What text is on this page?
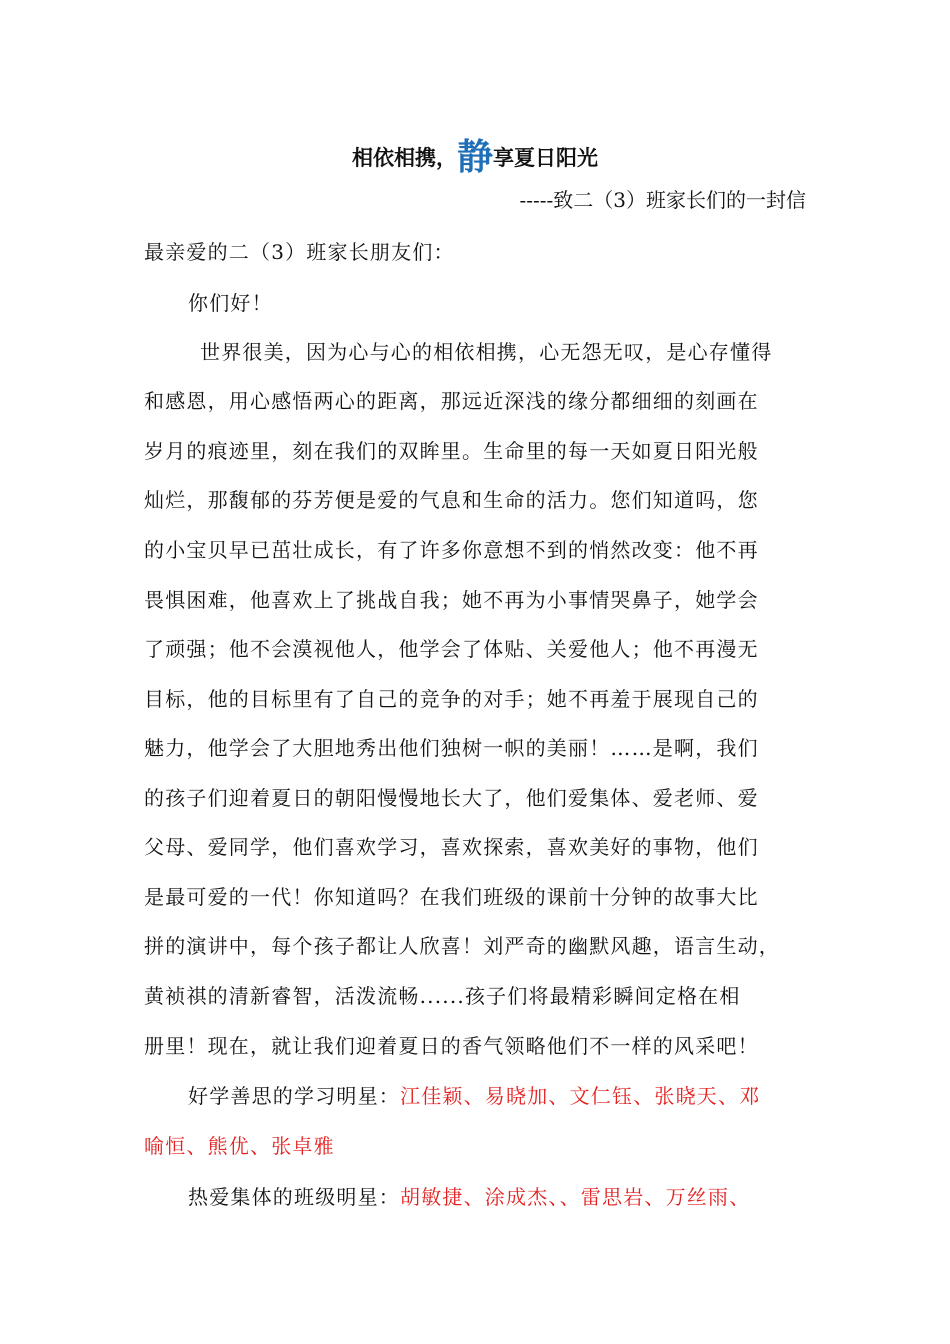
相依相携，静享夏日阳光
-----致二（3）班家长们的一封信
最亲爱的二（3）班家长朋友们：
你们好！
世界很美，因为心与心的相依相携，心无怨无叹，是心存懂得
和感恩，用心感悟两心的距离，那远近深浅的缘分都细细的刻画在
岁月的痕迹里，刻在我们的双眸里。生命里的每一天如夏日阳光般
灿烂，那馥郁的芬芳便是爱的气息和生命的活力。您们知道吗，您
的小宝贝早已茁壮成长，有了许多你意想不到的悄然改变：他不再
畏惧困难，他喜欢上了挑战自我；她不再为小事情哭鼻子，她学会
了顽强；他不会漠视他人，他学会了体贴、关爱他人；他不再漫无
目标，他的目标里有了自己的竞争的对手；她不再羞于展现自己的
魅力，他学会了大胆地秀出他们独树一帜的美丽！……是啊，我们
的孩子们迎着夏日的朝阳慢慢地长大了，他们爱集体、爱老师、爱
父母、爱同学，他们喜欢学习，喜欢探索，喜欢美好的事物，他们
是最可爱的一代！你知道吗？在我们班级的课前十分钟的故事大比
拼的演讲中，每个孩子都让人欣喜！刘严奇的幽默风趣，语言生动，
黄祯祺的清新睿智，活泼流畅......孩子们将最精彩瞬间定格在相
册里！现在，就让我们迎着夏日的香气领略他们不一样的风采吧！
好学善思的学习明星：江佳颖、易晓加、文仁钰、张晓天、邓
喻恒、熊优、张卓雅
热爱集体的班级明星：胡敏捷、涂成杰、、雷思岩、万丝雨、
